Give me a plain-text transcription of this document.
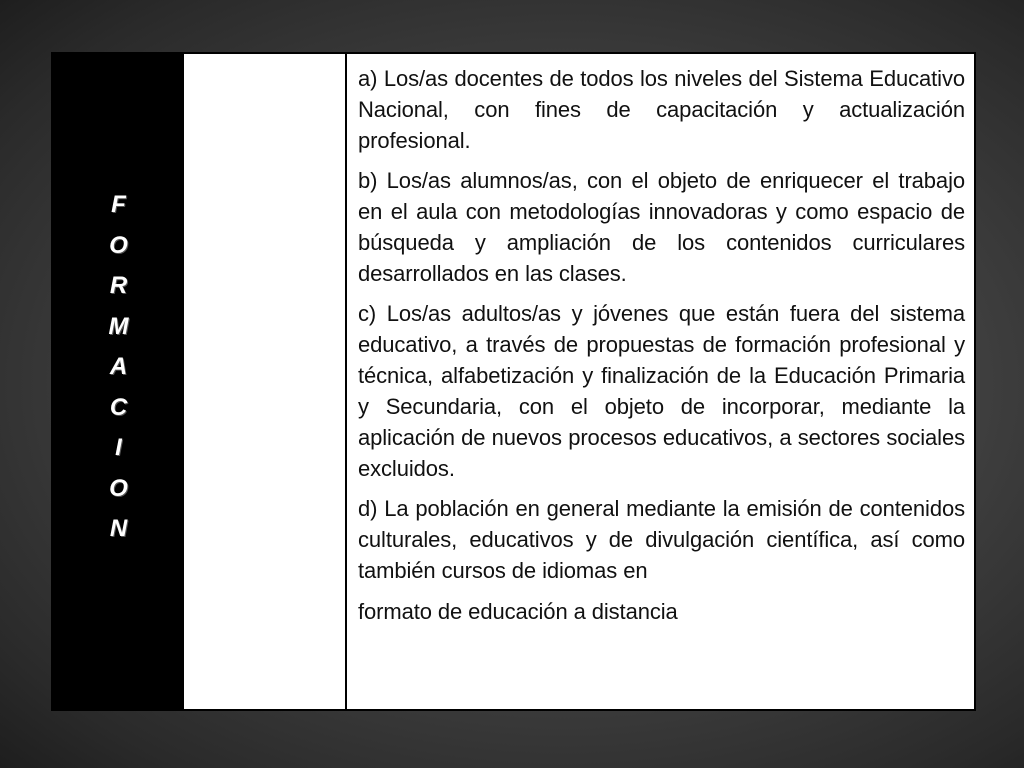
F
O
R
M
A
C
I
O
N

a) Los/as docentes de todos los niveles del Sistema Educativo Nacional, con fines de capacitación y actualización profesional.

b) Los/as alumnos/as, con el objeto de enriquecer el trabajo en el aula con metodologías innovadoras y como espacio de búsqueda y ampliación de los contenidos curriculares desarrollados en las clases.

c) Los/as adultos/as y jóvenes que están fuera del sistema educativo, a través de propuestas de formación profesional y técnica, alfabetización y finalización de la Educación Primaria y Secundaria, con el objeto de incorporar, mediante la aplicación de nuevos procesos educativos, a sectores sociales excluidos.

d) La población en general mediante la emisión de contenidos culturales, educativos y de divulgación científica, así como también cursos de idiomas en

formato de educación a distancia
